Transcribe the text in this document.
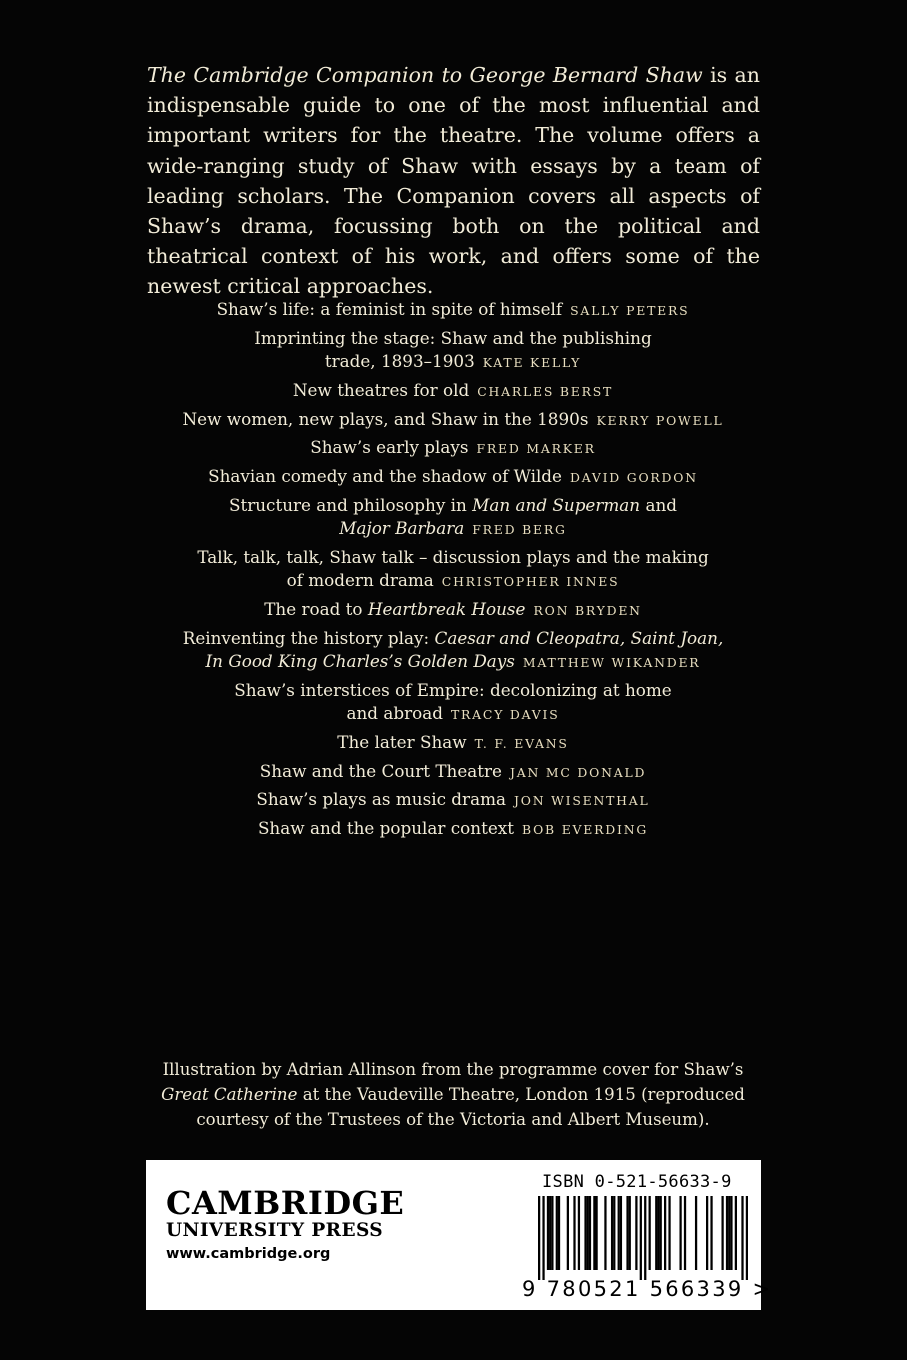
The Cambridge Companion to George Bernard Shaw is an indispensable guide to one of the most influential and important writers for the theatre. The volume offers a wide-ranging study of Shaw with essays by a team of leading scholars. The Companion covers all aspects of Shaw’s drama, focussing both on the political and theatrical context of his work, and offers some of the newest critical approaches.

Shaw’s life: a feminist in spite of himself SALLY PETERS
Imprinting the stage: Shaw and the publishing
trade, 1893–1903 KATE KELLY
New theatres for old CHARLES BERST
New women, new plays, and Shaw in the 1890s KERRY POWELL
Shaw’s early plays FRED MARKER
Shavian comedy and the shadow of Wilde DAVID GORDON
Structure and philosophy in Man and Superman and
Major Barbara FRED BERG
Talk, talk, talk, Shaw talk – discussion plays and the making
of modern drama CHRISTOPHER INNES
The road to Heartbreak House RON BRYDEN
Reinventing the history play: Caesar and Cleopatra, Saint Joan,
In Good King Charles’s Golden Days MATTHEW WIKANDER
Shaw’s interstices of Empire: decolonizing at home
and abroad TRACY DAVIS
The later Shaw T. F. EVANS
Shaw and the Court Theatre JAN MC DONALD
Shaw’s plays as music drama JON WISENTHAL
Shaw and the popular context BOB EVERDING

Illustration by Adrian Allinson from the programme cover for Shaw’s
Great Catherine at the Vaudeville Theatre, London 1915 (reproduced courtesy of the Trustees of the Victoria and Albert Museum).

CAMBRIDGE
UNIVERSITY PRESS
www.cambridge.org
ISBN 0-521-56633-9
9 780521 566339 >
